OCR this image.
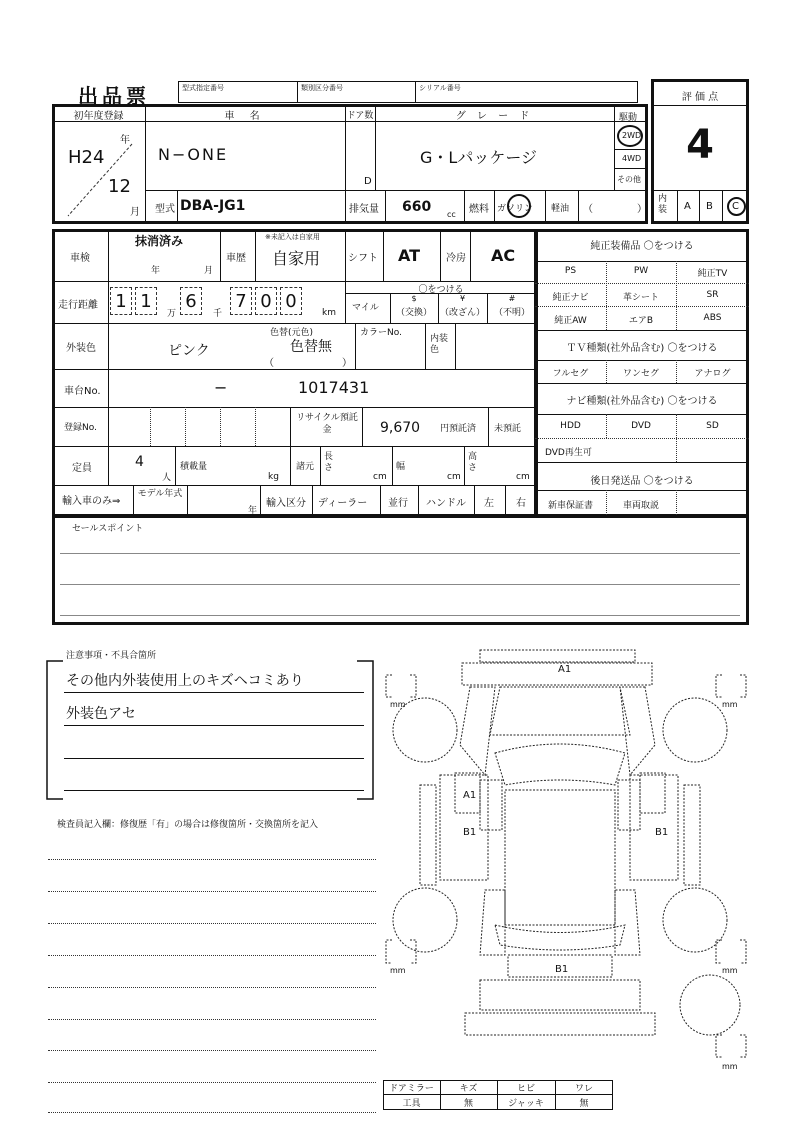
出品票	型式指定番号	類別区分番号	シリアル番号
評 価 点
4
内装 A B C
初年度登録
H24
年
12
月
車 名
N−ONE
ドア数
D
グ レ ー ド
G・Lパッケージ
駆動
2WD
4WD
その他
型式 DBA-JG1	排気量 660 cc 燃料 ガソリン 軽油 （	）
車検
抹消済み
年	月
車歴
※未記入は自家用
自家用	シフト AT	冷房 AC
走行距離 1 1
万
6
千
7 0 0
km
〇をつける
マイル
$
（交換）
¥
（改ざん）
#
（不明）
外装色	ピンク
色替(元色)
色替無
（	）
カラーNo.
内装色
車台No.	−	1017431
登録No.
リサイクル預託金	9,670 円預託済 未預託
定員	4
人
積載量
kg
諸元
長さ
cm
幅
cm
高さ
cm
輸入車のみ⇒
モデル年式
年
輸入区分 ディーラー 並行 ハンドル 左 右
純正装備品 〇をつける
PS	PW	純正TV
純正ナビ	革シート	SR
純正AW	エアB	ABS
ＴＶ種類(社外品含む) 〇をつける
フルセグ	ワンセグ	アナログ
ナビ種類(社外品含む) 〇をつける
HDD	DVD	SD
DVD再生可
後日発送品 〇をつける
新車保証書	車両取説
セールスポイント
注意事項・不具合箇所
その他内外装使用上のキズヘコミあり
外装色アセ
検査員記入欄：修復歴「有」の場合は修復箇所・交換箇所を記入
A1
A1
B1	B1
B1
mm	mm
mm	mm
mm
ドアミラー	キズ	ヒビ	ワレ
工具	無	ジャッキ	無
